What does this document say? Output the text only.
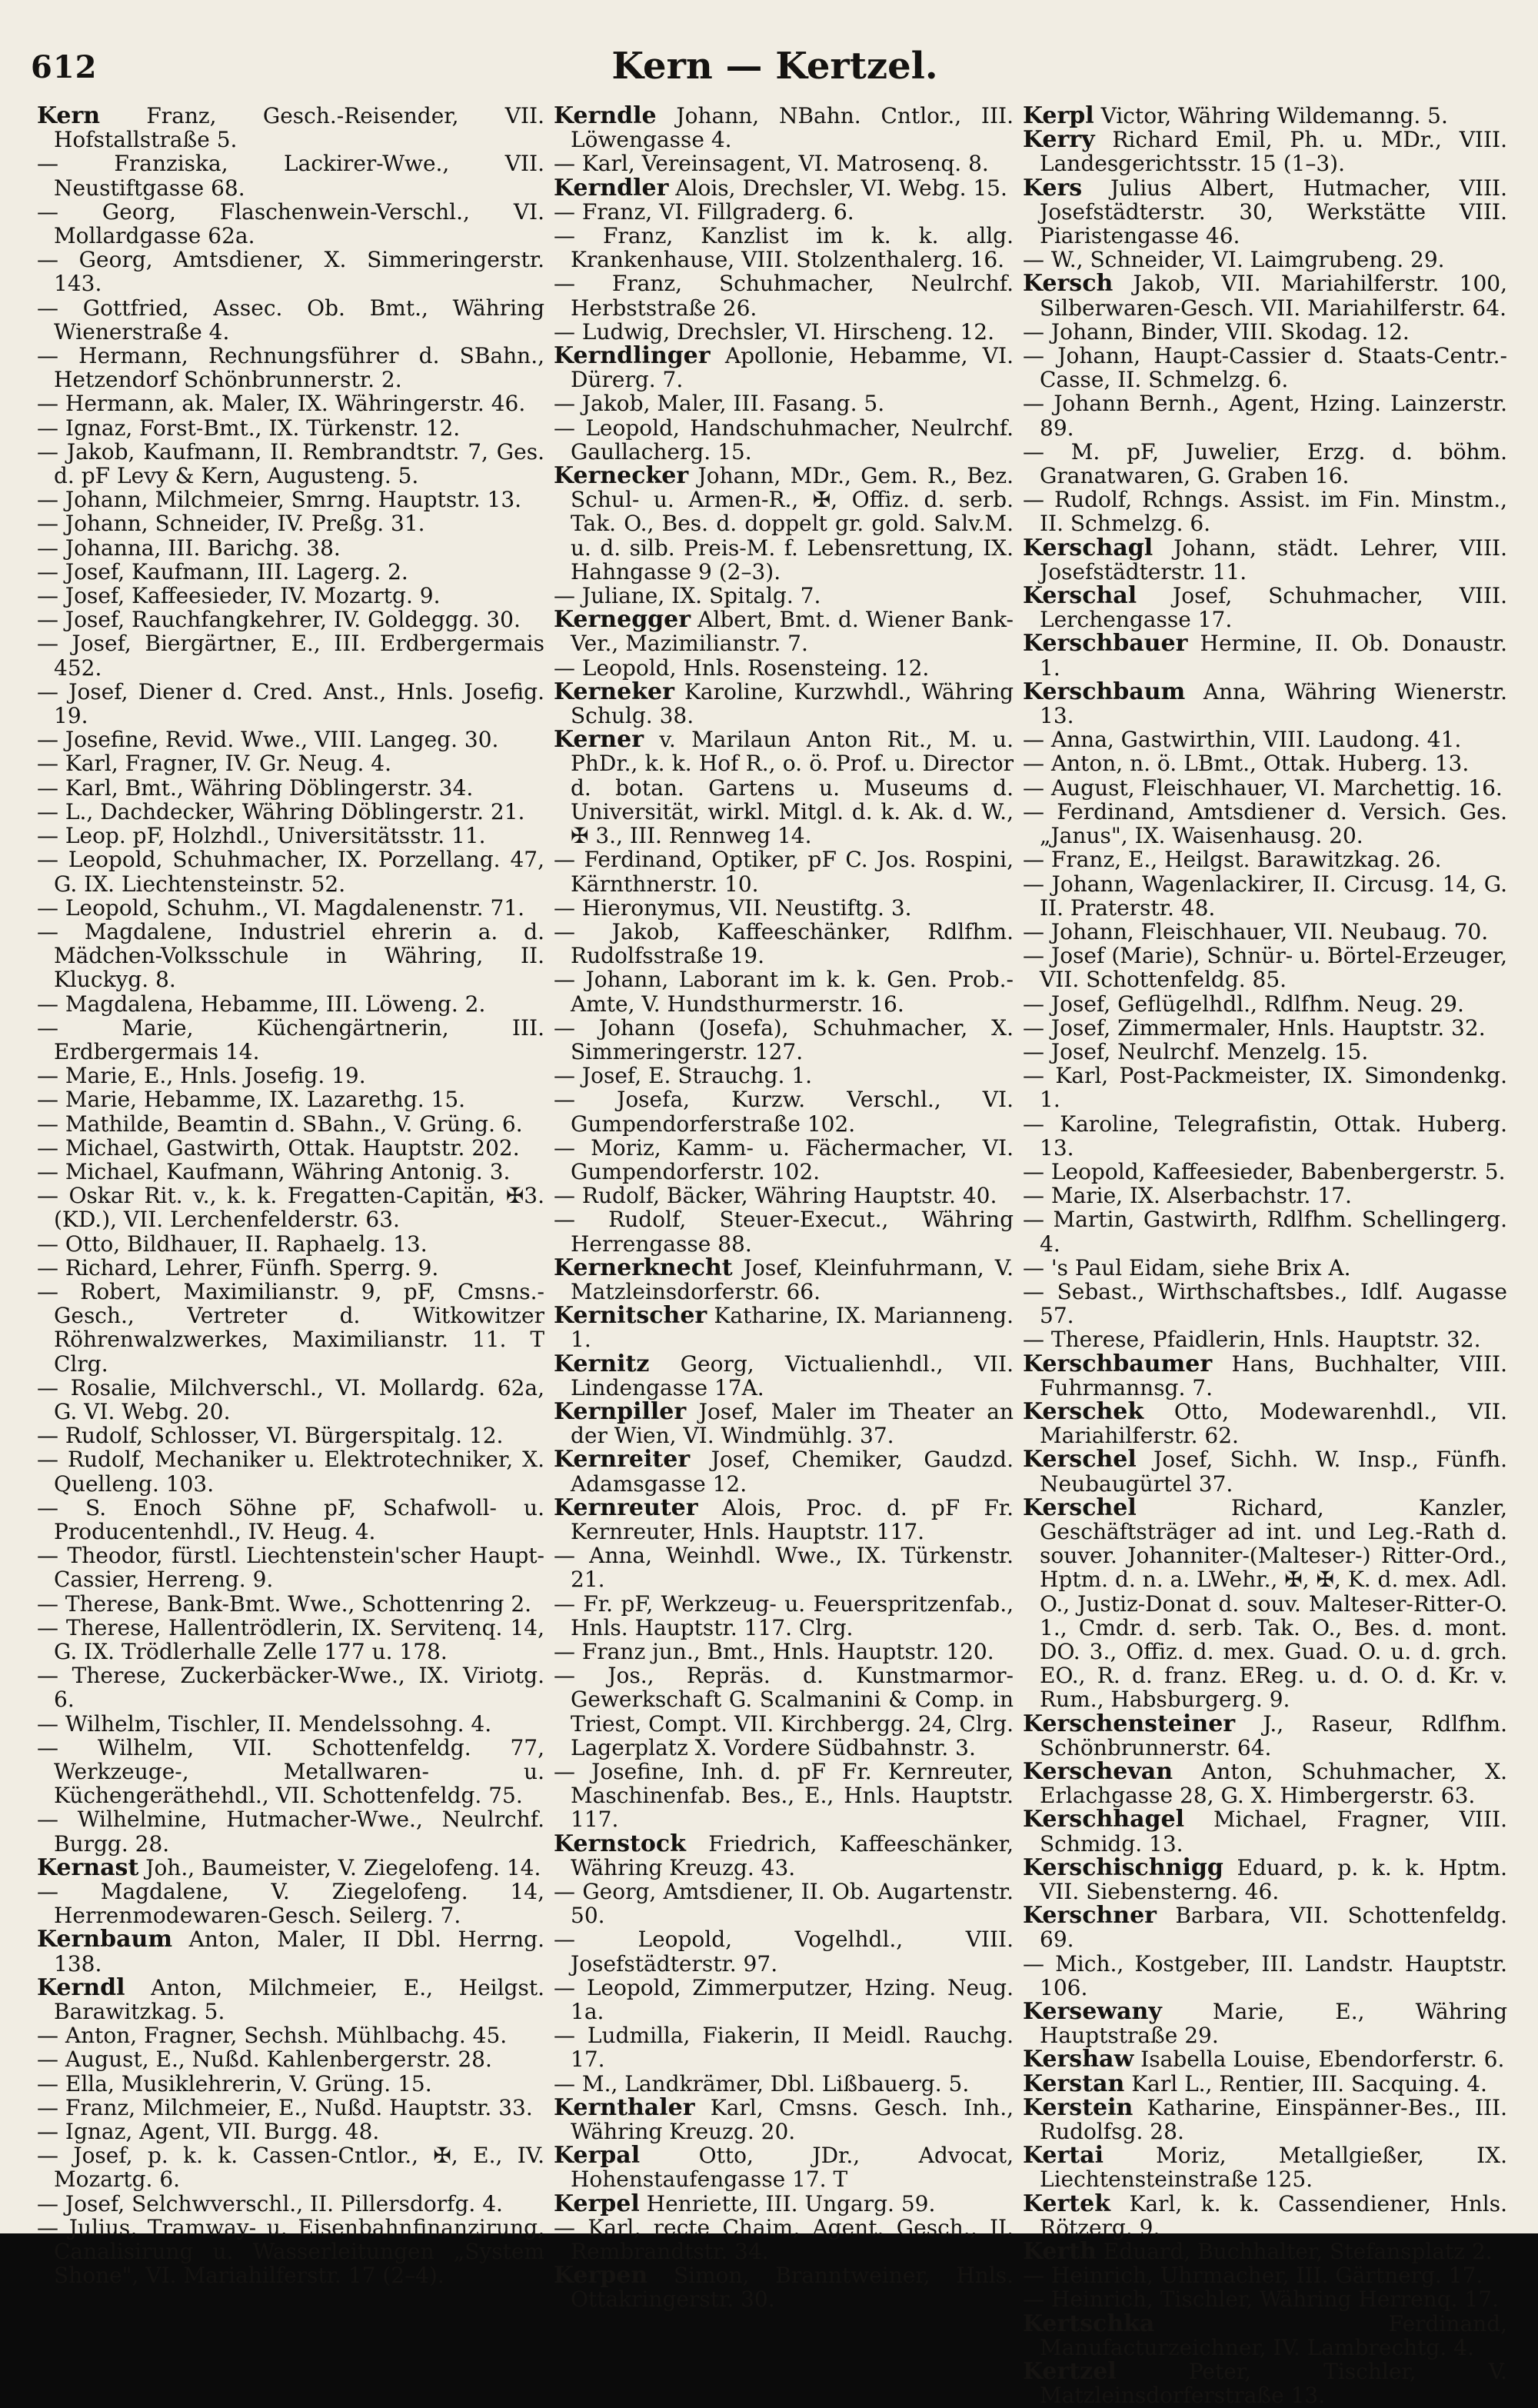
612	Kern — Kertzel.
Kern Franz, Gesch.-Reisender, VII. Hofstallstraße 5.
— Franziska, Lackirer-Wwe., VII. Neustiftgasse 68.
— Georg, Flaschenwein-Verschl., VI. Mollardgasse 62a.
— Georg, Amtsdiener, X. Simmeringerstr. 143.
— Gottfried, Assec. Ob. Bmt., Währing Wienerstraße 4.
— Hermann, Rechnungsführer d. SBahn., Hetzendorf Schönbrunnerstr. 2.
— Hermann, ak. Maler, IX. Währingerstr. 46.
— Ignaz, Forst-Bmt., IX. Türkenstr. 12.
— Jakob, Kaufmann, II. Rembrandtstr. 7, Ges. d. pF Levy & Kern, Augusteng. 5.
— Johann, Milchmeier, Smrng. Hauptstr. 13.
— Johann, Schneider, IV. Preßg. 31.
— Johanna, III. Barichg. 38.
— Josef, Kaufmann, III. Lagerg. 2.
— Josef, Kaffeesieder, IV. Mozartg. 9.
— Josef, Rauchfangkehrer, IV. Goldeggg. 30.
— Josef, Biergärtner, E., III. Erdbergermais 452.
— Josef, Diener d. Cred. Anst., Hnls. Josefig. 19.
— Josefine, Revid. Wwe., VIII. Langeg. 30.
— Karl, Fragner, IV. Gr. Neug. 4.
— Karl, Bmt., Währing Döblingerstr. 34.
— L., Dachdecker, Währing Döblingerstr. 21.
— Leop. pF, Holzhdl., Universitätsstr. 11.
— Leopold, Schuhmacher, IX. Porzellang. 47, G. IX. Liechtensteinstr. 52.
— Leopold, Schuhm., VI. Magdalenenstr. 71.
— Magdalene, Industriel ehrerin a. d. Mädchen-Volksschule in Währing, II. Kluckyg. 8.
— Magdalena, Hebamme, III. Löweng. 2.
— Marie, Küchengärtnerin, III. Erdbergermais 14.
— Marie, E., Hnls. Josefig. 19.
— Marie, Hebamme, IX. Lazarethg. 15.
— Mathilde, Beamtin d. SBahn., V. Grüng. 6.
— Michael, Gastwirth, Ottak. Hauptstr. 202.
— Michael, Kaufmann, Währing Antonig. 3.
— Oskar Rit. v., k. k. Fregatten-Capitän, ✠3. (KD.), VII. Lerchenfelderstr. 63.
— Otto, Bildhauer, II. Raphaelg. 13.
— Richard, Lehrer, Fünfh. Sperrg. 9.
— Robert, Maximilianstr. 9, pF, Cmsns.-Gesch., Vertreter d. Witkowitzer Röhrenwalzwerkes, Maximilianstr. 11. T Clrg.
— Rosalie, Milchverschl., VI. Mollardg. 62a, G. VI. Webg. 20.
— Rudolf, Schlosser, VI. Bürgerspitalg. 12.
— Rudolf, Mechaniker u. Elektrotechniker, X. Quelleng. 103.
— S. Enoch Söhne pF, Schafwoll- u. Producentenhdl., IV. Heug. 4.
— Theodor, fürstl. Liechtenstein'scher Haupt-Cassier, Herreng. 9.
— Therese, Bank-Bmt. Wwe., Schottenring 2.
— Therese, Hallentrödlerin, IX. Servitenq. 14, G. IX. Trödlerhalle Zelle 177 u. 178.
— Therese, Zuckerbäcker-Wwe., IX. Viriotg. 6.
— Wilhelm, Tischler, II. Mendelssohng. 4.
— Wilhelm, VII. Schottenfeldg. 77, Werkzeuge-, Metallwaren- u. Küchengeräthehdl., VII. Schottenfeldg. 75.
— Wilhelmine, Hutmacher-Wwe., Neulrchf. Burgg. 28.
Kernast Joh., Baumeister, V. Ziegelofeng. 14.
— Magdalene, V. Ziegelofeng. 14, Herrenmodewaren-Gesch. Seilerg. 7.
Kernbaum Anton, Maler, II Dbl. Herrng. 138.
Kerndl Anton, Milchmeier, E., Heilgst. Barawitzkag. 5.
— Anton, Fragner, Sechsh. Mühlbachg. 45.
— August, E., Nußd. Kahlenbergerstr. 28.
— Ella, Musiklehrerin, V. Grüng. 15.
— Franz, Milchmeier, E., Nußd. Hauptstr. 33.
— Ignaz, Agent, VII. Burgg. 48.
— Josef, p. k. k. Cassen-Cntlor., ✠, E., IV. Mozartg. 6.
— Josef, Selchwverschl., II. Pillersdorfg. 4.
— Julius, Tramway- u. Eisenbahnfinanzirung, Canalisirung u. Wasserleitungen „System Shone", VI. Mariahilferstr. 17 (2–4).
Kerndle Johann, NBahn. Cntlor., III. Löwengasse 4.
— Karl, Vereinsagent, VI. Matrosenq. 8.
Kerndler Alois, Drechsler, VI. Webg. 15.
— Franz, VI. Fillgraderg. 6.
— Franz, Kanzlist im k. k. allg. Krankenhause, VIII. Stolzenthalerg. 16.
— Franz, Schuhmacher, Neulrchf. Herbststraße 26.
— Ludwig, Drechsler, VI. Hirscheng. 12.
Kerndlinger Apollonie, Hebamme, VI. Dürerg. 7.
— Jakob, Maler, III. Fasang. 5.
— Leopold, Handschuhmacher, Neulrchf. Gaullacherg. 15.
Kernecker Johann, MDr., Gem. R., Bez. Schul- u. Armen-R., ✠, Offiz. d. serb. Tak. O., Bes. d. doppelt gr. gold. Salv.M. u. d. silb. Preis-M. f. Lebensrettung, IX. Hahngasse 9 (2–3).
— Juliane, IX. Spitalg. 7.
Kernegger Albert, Bmt. d. Wiener Bank-Ver., Mazimilianstr. 7.
— Leopold, Hnls. Rosensteing. 12.
Kerneker Karoline, Kurzwhdl., Währing Schulg. 38.
Kerner v. Marilaun Anton Rit., M. u. PhDr., k. k. Hof R., o. ö. Prof. u. Director d. botan. Gartens u. Museums d. Universität, wirkl. Mitgl. d. k. Ak. d. W., ✠ 3., III. Rennweg 14.
— Ferdinand, Optiker, pF C. Jos. Rospini, Kärnthnerstr. 10.
— Hieronymus, VII. Neustiftg. 3.
— Jakob, Kaffeeschänker, Rdlfhm. Rudolfsstraße 19.
— Johann, Laborant im k. k. Gen. Prob.-Amte, V. Hundsthurmerstr. 16.
— Johann (Josefa), Schuhmacher, X. Simmeringerstr. 127.
— Josef, E. Strauchg. 1.
— Josefa, Kurzw. Verschl., VI. Gumpendorferstraße 102.
— Moriz, Kamm- u. Fächermacher, VI. Gumpendorferstr. 102.
— Rudolf, Bäcker, Währing Hauptstr. 40.
— Rudolf, Steuer-Execut., Währing Herrengasse 88.
Kernerknecht Josef, Kleinfuhrmann, V. Matzleinsdorferstr. 66.
Kernitscher Katharine, IX. Marianneng. 1.
Kernitz Georg, Victualienhdl., VII. Lindengasse 17A.
Kernpiller Josef, Maler im Theater an der Wien, VI. Windmühlg. 37.
Kernreiter Josef, Chemiker, Gaudzd. Adamsgasse 12.
Kernreuter Alois, Proc. d. pF Fr. Kernreuter, Hnls. Hauptstr. 117.
— Anna, Weinhdl. Wwe., IX. Türkenstr. 21.
— Fr. pF, Werkzeug- u. Feuerspritzenfab., Hnls. Hauptstr. 117. Clrg.
— Franz jun., Bmt., Hnls. Hauptstr. 120.
— Jos., Repräs. d. Kunstmarmor-Gewerkschaft G. Scalmanini & Comp. in Triest, Compt. VII. Kirchbergg. 24, Clrg. Lagerplatz X. Vordere Südbahnstr. 3.
— Josefine, Inh. d. pF Fr. Kernreuter, Maschinenfab. Bes., E., Hnls. Hauptstr. 117.
Kernstock Friedrich, Kaffeeschänker, Währing Kreuzg. 43.
— Georg, Amtsdiener, II. Ob. Augartenstr. 50.
— Leopold, Vogelhdl., VIII. Josefstädterstr. 97.
— Leopold, Zimmerputzer, Hzing. Neug. 1a.
— Ludmilla, Fiakerin, II Meidl. Rauchg. 17.
— M., Landkrämer, Dbl. Lißbauerg. 5.
Kernthaler Karl, Cmsns. Gesch. Inh., Währing Kreuzg. 20.
Kerpal Otto, JDr., Advocat, Hohenstaufengasse 17. T
Kerpel Henriette, III. Ungarg. 59.
— Karl, recte Chaim, Agent. Gesch., II. Rembrandtstr. 34.
Kerpen Simon, Branntweiner, Hnls. Ottakringerstr. 30.
Kerpl Victor, Währing Wildemanng. 5.
Kerry Richard Emil, Ph. u. MDr., VIII. Landesgerichtsstr. 15 (1–3).
Kers Julius Albert, Hutmacher, VIII. Josefstädterstr. 30, Werkstätte VIII. Piaristengasse 46.
— W., Schneider, VI. Laimgrubeng. 29.
Kersch Jakob, VII. Mariahilferstr. 100, Silberwaren-Gesch. VII. Mariahilferstr. 64.
— Johann, Binder, VIII. Skodag. 12.
— Johann, Haupt-Cassier d. Staats-Centr.-Casse, II. Schmelzg. 6.
— Johann Bernh., Agent, Hzing. Lainzerstr. 89.
— M. pF, Juwelier, Erzg. d. böhm. Granatwaren, G. Graben 16.
— Rudolf, Rchngs. Assist. im Fin. Minstm., II. Schmelzg. 6.
Kerschagl Johann, städt. Lehrer, VIII. Josefstädterstr. 11.
Kerschal Josef, Schuhmacher, VIII. Lerchengasse 17.
Kerschbauer Hermine, II. Ob. Donaustr. 1.
Kerschbaum Anna, Währing Wienerstr. 13.
— Anna, Gastwirthin, VIII. Laudong. 41.
— Anton, n. ö. LBmt., Ottak. Huberg. 13.
— August, Fleischhauer, VI. Marchettig. 16.
— Ferdinand, Amtsdiener d. Versich. Ges. „Janus", IX. Waisenhausg. 20.
— Franz, E., Heilgst. Barawitzkag. 26.
— Johann, Wagenlackirer, II. Circusg. 14, G. II. Praterstr. 48.
— Johann, Fleischhauer, VII. Neubaug. 70.
— Josef (Marie), Schnür- u. Börtel-Erzeuger, VII. Schottenfeldg. 85.
— Josef, Geflügelhdl., Rdlfhm. Neug. 29.
— Josef, Zimmermaler, Hnls. Hauptstr. 32.
— Josef, Neulrchf. Menzelg. 15.
— Karl, Post-Packmeister, IX. Simondenkg. 1.
— Karoline, Telegrafistin, Ottak. Huberg. 13.
— Leopold, Kaffeesieder, Babenbergerstr. 5.
— Marie, IX. Alserbachstr. 17.
— Martin, Gastwirth, Rdlfhm. Schellingerg. 4.
— 's Paul Eidam, siehe Brix A.
— Sebast., Wirthschaftsbes., Idlf. Augasse 57.
— Therese, Pfaidlerin, Hnls. Hauptstr. 32.
Kerschbaumer Hans, Buchhalter, VIII. Fuhrmannsg. 7.
Kerschek Otto, Modewarenhdl., VII. Mariahilferstr. 62.
Kerschel Josef, Sichh. W. Insp., Fünfh. Neubaugürtel 37.
Kerschel Richard, Kanzler, Geschäftsträger ad int. und Leg.-Rath d. souver. Johanniter-(Malteser-) Ritter-Ord., Hptm. d. n. a. LWehr., ✠, ✠, K. d. mex. Adl. O., Justiz-Donat d. souv. Malteser-Ritter-O. 1., Cmdr. d. serb. Tak. O., Bes. d. mont. DO. 3., Offiz. d. mex. Guad. O. u. d. grch. EO., R. d. franz. EReg. u. d. O. d. Kr. v. Rum., Habsburgerg. 9.
Kerschensteiner J., Raseur, Rdlfhm. Schönbrunnerstr. 64.
Kerschevan Anton, Schuhmacher, X. Erlachgasse 28, G. X. Himbergerstr. 63.
Kerschhagel Michael, Fragner, VIII. Schmidg. 13.
Kerschischnigg Eduard, p. k. k. Hptm. VII. Siebensterng. 46.
Kerschner Barbara, VII. Schottenfeldg. 69.
— Mich., Kostgeber, III. Landstr. Hauptstr. 106.
Kersewany Marie, E., Währing Hauptstraße 29.
Kershaw Isabella Louise, Ebendorferstr. 6.
Kerstan Karl L., Rentier, III. Sacquing. 4.
Kerstein Katharine, Einspänner-Bes., III. Rudolfsg. 28.
Kertai Moriz, Metallgießer, IX. Liechtensteinstraße 125.
Kertek Karl, k. k. Cassendiener, Hnls. Rötzerg. 9.
Kerth Eduard, Buchhalter, Stefansplatz 2.
— Heinrich, Uhrmacher, III. Gärtnerg. 17.
— Heinrich, Tischler, Währing Herrenq. 17.
Kertschka Ferdinand, Manufacturzeichner, IV. Lambrechtg. 4.
Kertzel Peter, Tischler, V. Matzleinsdorferstraße 13.
